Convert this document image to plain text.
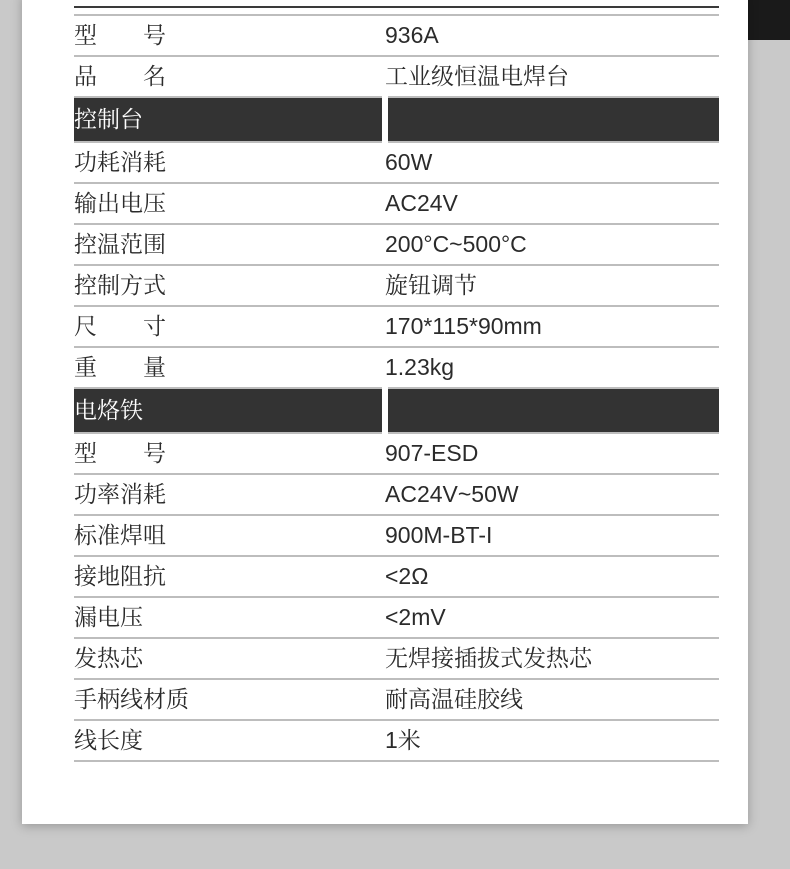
型　　号	936A
品　　名	工业级恒温电焊台
控制台	
功耗消耗	60W
输出电压	AC24V
控温范围	200°C~500°C
控制方式	旋钮调节
尺　　寸	170*115*90mm
重　　量	1.23kg
电烙铁	
型　　号	907-ESD
功率消耗	AC24V~50W
标准焊咀	900M-BT-I
接地阻抗	<2Ω
漏电压	<2mV
发热芯	无焊接插拔式发热芯
手柄线材质	耐高温硅胶线
线长度	1米
